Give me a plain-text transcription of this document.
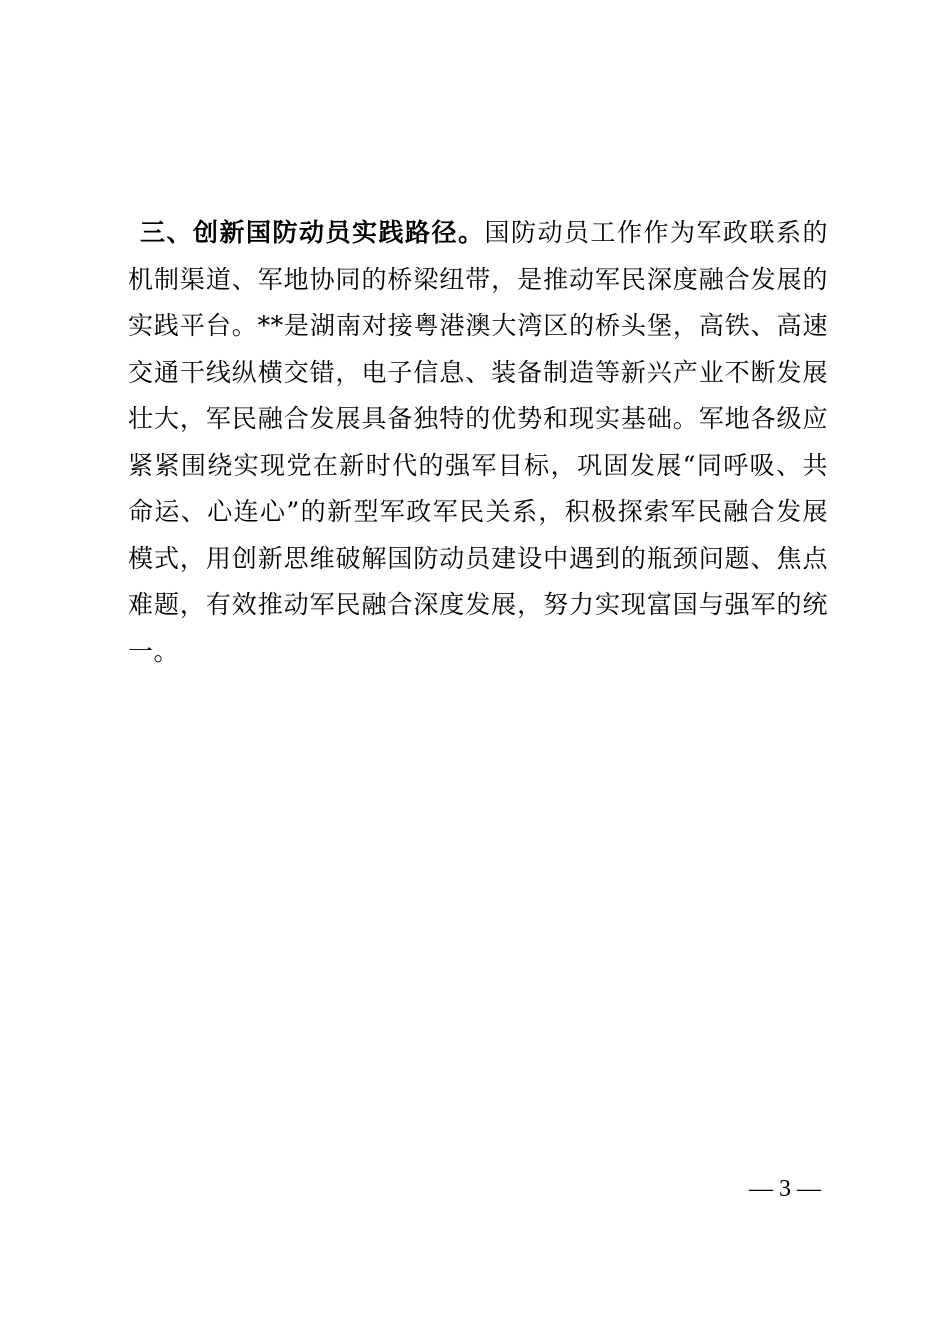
三、创新国防动员实践路径。国防动员工作作为军政联系的机制渠道、军地协同的桥梁纽带，是推动军民深度融合发展的实践平台。**是湖南对接粤港澳大湾区的桥头堡，高铁、高速交通干线纵横交错，电子信息、装备制造等新兴产业不断发展壮大，军民融合发展具备独特的优势和现实基础。军地各级应紧紧围绕实现党在新时代的强军目标，巩固发展“同呼吸、共命运、心连心”的新型军政军民关系，积极探索军民融合发展模式，用创新思维破解国防动员建设中遇到的瓶颈问题、焦点难题，有效推动军民融合深度发展，努力实现富国与强军的统一。

— 3 —
